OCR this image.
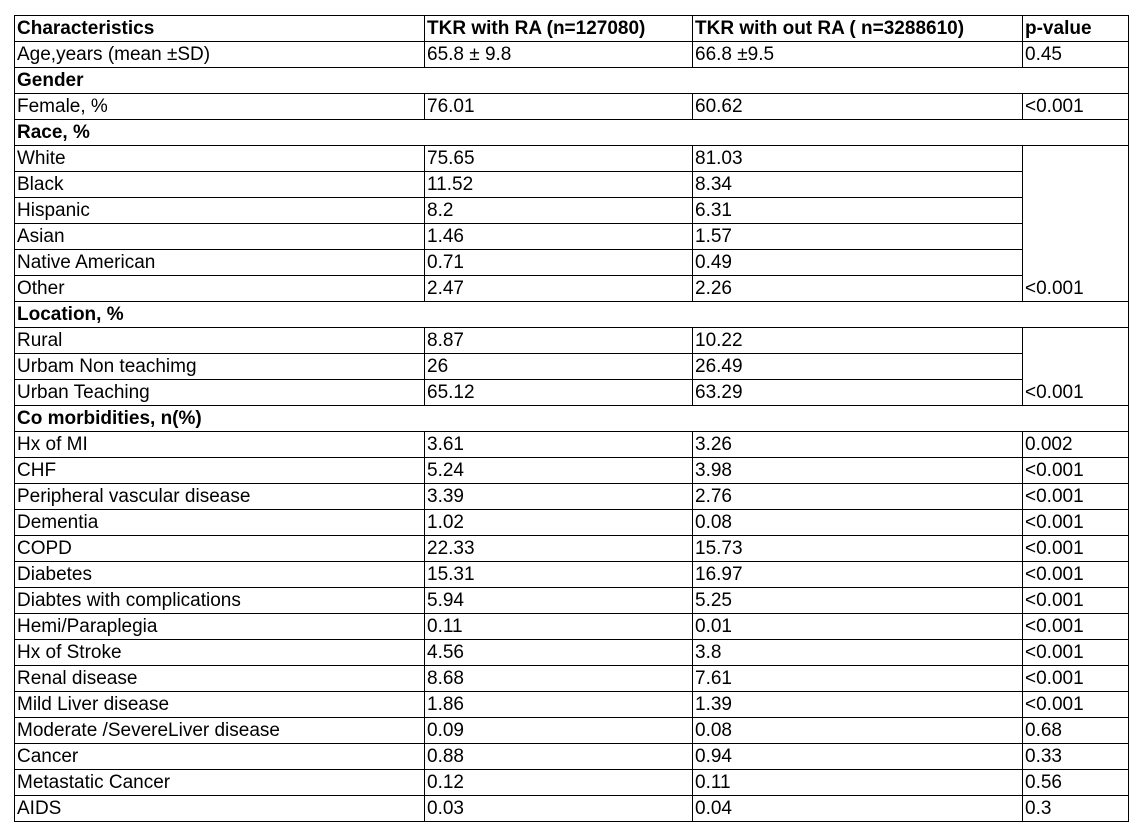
Characteristics	TKR with RA (n=127080)	TKR with out RA ( n=3288610)	p-value
Age,years (mean ±SD)	65.8 ± 9.8	66.8 ±9.5	0.45
Gender			
Female, %	76.01	60.62	<0.001
Race, %			
White	75.65	81.03	<0.001
Black	11.52	8.34	
Hispanic	8.2	6.31	
Asian	1.46	1.57	
Native American	0.71	0.49	
Other	2.47	2.26	
Location, %			
Rural	8.87	10.22	<0.001
Urbam Non teachimg	26	26.49	
Urban Teaching	65.12	63.29	
Co morbidities, n(%)			
Hx of MI	3.61	3.26	0.002
CHF	5.24	3.98	<0.001
Peripheral vascular disease	3.39	2.76	<0.001
Dementia	1.02	0.08	<0.001
COPD	22.33	15.73	<0.001
Diabetes	15.31	16.97	<0.001
Diabtes with complications	5.94	5.25	<0.001
Hemi/Paraplegia	0.11	0.01	<0.001
Hx of Stroke	4.56	3.8	<0.001
Renal disease	8.68	7.61	<0.001
Mild Liver disease	1.86	1.39	<0.001
Moderate /SevereLiver disease	0.09	0.08	0.68
Cancer	0.88	0.94	0.33
Metastatic Cancer	0.12	0.11	0.56
AIDS	0.03	0.04	0.3
